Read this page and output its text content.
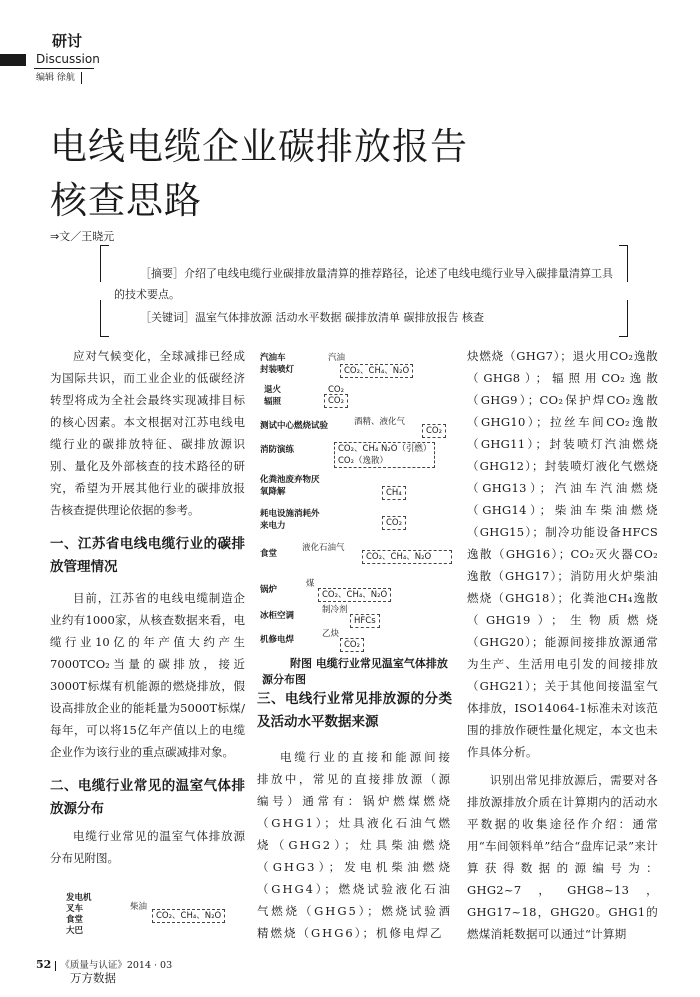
研讨
Discussion
编辑 徐航
电线电缆企业碳排放报告
核查思路
⇒文／王晓元
［摘要］介绍了电线电缆行业碳排放量清算的推荐路径，论述了电线电缆行业导入碳排量清算工具的技术要点。
［关键词］温室气体排放源 活动水平数据 碳排放清单 碳排放报告 核查

应对气候变化，全球减排已经成为国际共识，而工业企业的低碳经济转型将成为全社会最终实现减排目标的核心因素。本文根据对江苏电线电缆行业的碳排放特征、碳排放源识别、量化及外部核查的技术路径的研究，希望为开展其他行业的碳排放报告核查提供理论依据的参考。

一、江苏省电线电缆行业的碳排放管理情况

目前，江苏省的电线电缆制造企业约有1000家，从核查数据来看，电缆行业10亿的年产值大约产生7000TCO₂当量的碳排放，接近3000T标煤有机能源的燃烧排放，假设高排放企业的能耗量为5000T标煤/每年，可以将15亿年产值以上的电缆企业作为该行业的重点碳减排对象。

二、电缆行业常见的温室气体排放源分布

电缆行业常见的温室气体排放源分布见附图。

发电机
叉车
食堂
大巴
柴油
CO₂、CH₄、N₂O
汽油车
封装喷灯
汽油
CO₂、CH₄、N₂O
退火
辐照
CO₂
CO₂
测试中心燃烧试验	酒精、液化气
CO₂
消防演练	CO₂、CH₄ N₂O（引燃）
CO₂（逸散）
化粪池废弃物厌
氧降解	CH₄
耗电设施消耗外
来电力	CO₂
食堂
液化石油气
CO₂、CH₄、N₂O
锅炉
煤
CO₂、CH₄、N₂O
冰柜空调
制冷剂
HFCs
机修电焊
乙炔
CO₂
附图 电缆行业常见温室气体排放源分布图
三、电线行业常见排放源的分类及活动水平数据来源

电缆行业的直接和能源间接排放中，常见的直接排放源（源编号）通常有：锅炉燃煤燃烧（GHG1）；灶具液化石油气燃烧（GHG2）；灶具柴油燃烧（GHG3）；发电机柴油燃烧（GHG4）；燃烧试验液化石油气燃烧（GHG5）；燃烧试验酒精燃烧（GHG6）；机修电焊乙

炔燃烧（GHG7）；退火用CO₂逸散（GHG8）；辐照用CO₂逸散（GHG9）；CO₂保护焊CO₂逸散（GHG10）；拉丝车间CO₂逸散（GHG11）；封装喷灯汽油燃烧（GHG12）；封装喷灯液化气燃烧（GHG13）；汽油车汽油燃烧（GHG14）；柴油车柴油燃烧（GHG15）；制冷功能设备HFCS逸散（GHG16）；CO₂灭火器CO₂逸散（GHG17）；消防用火炉柴油燃烧（GHG18）；化粪池CH₄逸散（GHG19）；生物质燃烧（GHG20）；能源间接排放源通常为生产、生活用电引发的间接排放（GHG21）；关于其他间接温室气体排放，ISO14064-1标准未对该范围的排放作硬性量化规定，本文也未作具体分析。

识别出常见排放源后，需要对各排放源排放介质在计算期内的活动水平数据的收集途径作介绍：通常用“车间领料单”结合“盘库记录”来计算获得数据的源编号为：GHG2~7，GHG8~13，GHG17~18，GHG20。GHG1的燃煤消耗数据可以通过“计算期

52 《质量与认证》2014 · 03
万方数据
